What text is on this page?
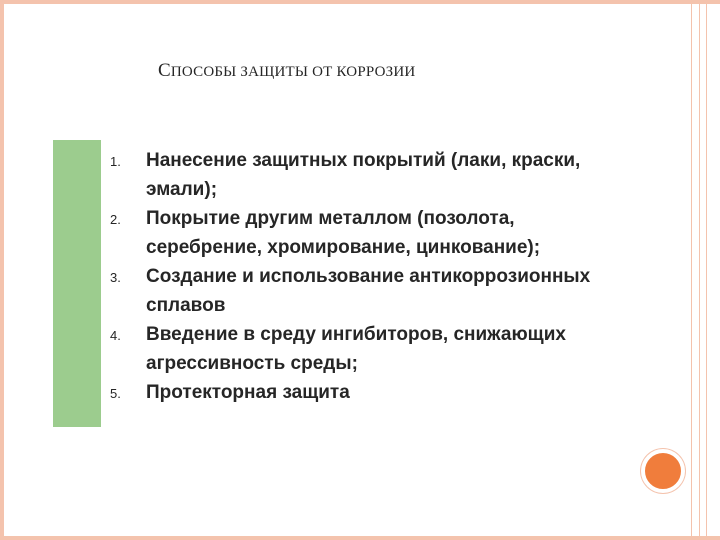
СПОСОБЫ ЗАЩИТЫ ОТ КОРРОЗИИ
1. Нанесение защитных покрытий (лаки, краски, эмали);
2. Покрытие другим металлом (позолота, серебрение, хромирование, цинкование);
3. Создание и использование антикоррозионных сплавов
4. Введение в среду ингибиторов, снижающих агрессивность среды;
5. Протекторная защита
